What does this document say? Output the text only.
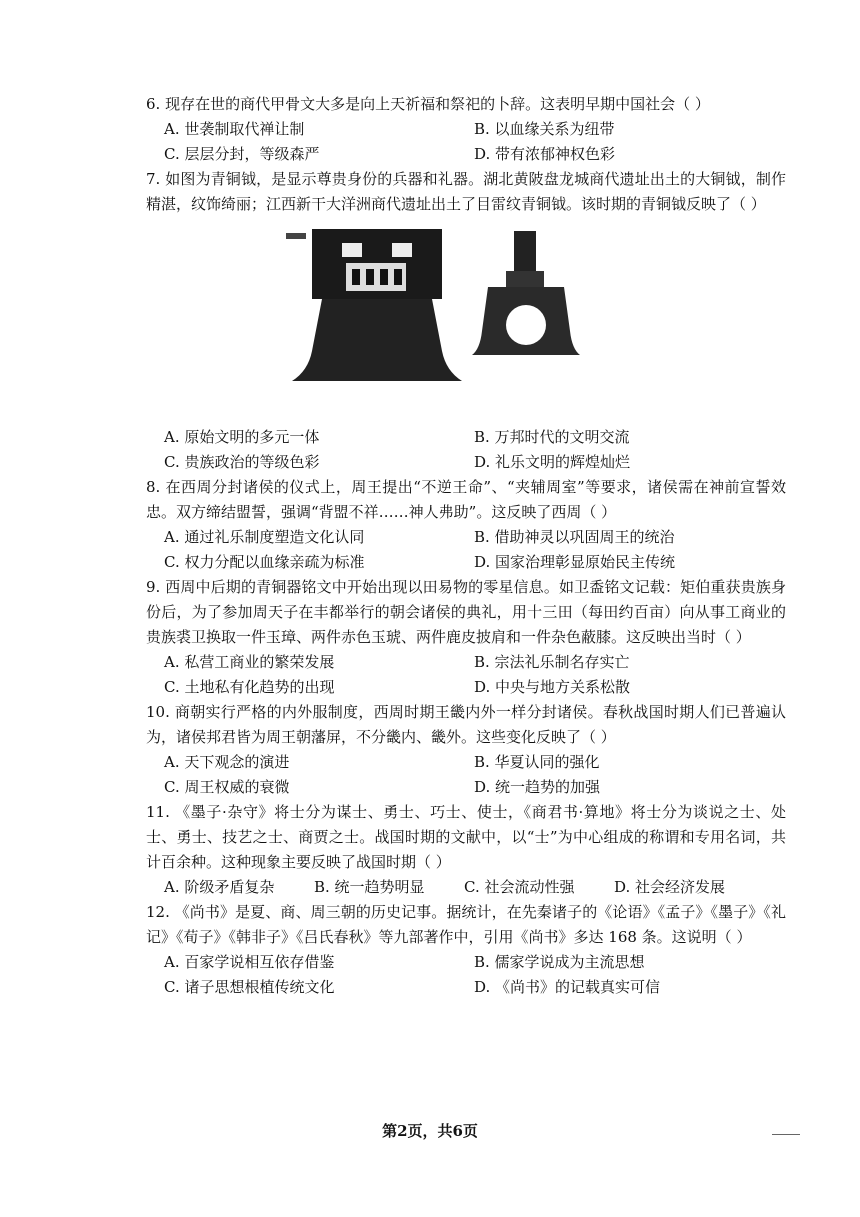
6. 现存在世的商代甲骨文大多是向上天祈福和祭祀的卜辞。这表明早期中国社会（ ）

A. 世袭制取代禅让制	B. 以血缘关系为纽带
C. 层层分封，等级森严	D. 带有浓郁神权色彩

7. 如图为青铜钺，是显示尊贵身份的兵器和礼器。湖北黄陂盘龙城商代遗址出土的大铜钺，制作精湛，纹饰绮丽；江西新干大洋洲商代遗址出土了目雷纹青铜钺。该时期的青铜钺反映了（ ）

A. 原始文明的多元一体	B. 万邦时代的文明交流
C. 贵族政治的等级色彩	D. 礼乐文明的辉煌灿烂

8. 在西周分封诸侯的仪式上，周王提出“不逆王命”、“夹辅周室”等要求，诸侯需在神前宣誓效忠。双方缔结盟誓，强调“背盟不祥……神人弗助”。这反映了西周（ ）

A. 通过礼乐制度塑造文化认同	B. 借助神灵以巩固周王的统治
C. 权力分配以血缘亲疏为标准	D. 国家治理彰显原始民主传统

9. 西周中后期的青铜器铭文中开始出现以田易物的零星信息。如卫盉铭文记载：矩伯重获贵族身份后，为了参加周天子在丰都举行的朝会诸侯的典礼，用十三田（每田约百亩）向从事工商业的贵族裘卫换取一件玉璋、两件赤色玉琥、两件鹿皮披肩和一件杂色蔽膝。这反映出当时（ ）

A. 私营工商业的繁荣发展	B. 宗法礼乐制名存实亡
C. 土地私有化趋势的出现	D. 中央与地方关系松散

10. 商朝实行严格的内外服制度，西周时期王畿内外一样分封诸侯。春秋战国时期人们已普遍认为，诸侯邦君皆为周王朝藩屏，不分畿内、畿外。这些变化反映了（ ）

A. 天下观念的演进	B. 华夏认同的强化
C. 周王权威的衰微	D. 统一趋势的加强

11. 《墨子·杂守》将士分为谋士、勇士、巧士、使士，《商君书·算地》将士分为谈说之士、处士、勇士、技艺之士、商贾之士。战国时期的文献中，以“士”为中心组成的称谓和专用名词，共计百余种。这种现象主要反映了战国时期（ ）

A. 阶级矛盾复杂	B. 统一趋势明显	C. 社会流动性强	D. 社会经济发展

12. 《尚书》是夏、商、周三朝的历史记事。据统计，在先秦诸子的《论语》《孟子》《墨子》《礼记》《荀子》《韩非子》《吕氏春秋》等九部著作中，引用《尚书》多达 168 条。这说明（ ）

A. 百家学说相互依存借鉴	B. 儒家学说成为主流思想
C. 诸子思想根植传统文化	D. 《尚书》的记载真实可信
第2页，共6页
